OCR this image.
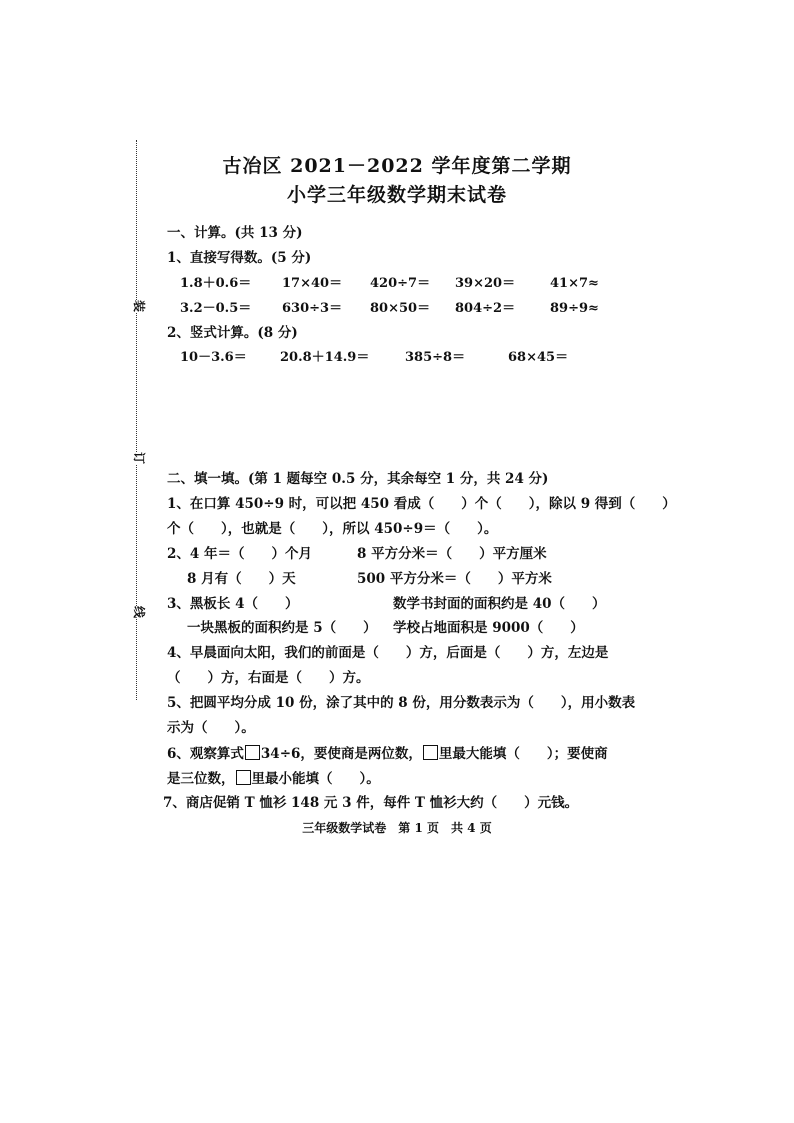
装
订
线
古冶区 2021－2022 学年度第二学期
小学三年级数学期末试卷
一、计算。(共 13 分)
1、直接写得数。(5 分)
1.8＋0.6＝ 17×40＝ 420÷7＝ 39×20＝	41×7≈
3.2－0.5＝ 630÷3＝ 80×50＝ 804÷2＝	89÷9≈
2、竖式计算。(8 分)
10－3.6＝	20.8＋14.9＝	385÷8＝	68×45＝
二、填一填。(第 1 题每空 0.5 分，其余每空 1 分，共 24 分)
1、在口算 450÷9 时，可以把 450 看成（　　）个（　　），除以 9 得到（　　）
个（　　），也就是（　　），所以 450÷9＝（　　）。
2、4 年＝（　　）个月	8 平方分米＝（　　）平方厘米
8 月有（　　）天	500 平方分米＝（　　）平方米
3、黑板长 4（　　）	数学书封面的面积约是 40（　　）
一块黑板的面积约是 5（　　） 学校占地面积是 9000（　　）
4、早晨面向太阳，我们的前面是（　　）方，后面是（　　）方，左边是
（　　）方，右面是（　　）方。
5、把圆平均分成 10 份，涂了其中的 8 份，用分数表示为（　　），用小数表
示为（　　）。
6、观察算式 34÷6，要使商是两位数， 里最大能填（　　）；要使商
是三位数， 里最小能填（　　）。
7、商店促销 T 恤衫 148 元 3 件，每件 T 恤衫大约（　　）元钱。
三年级数学试卷　第 1 页　共 4 页
